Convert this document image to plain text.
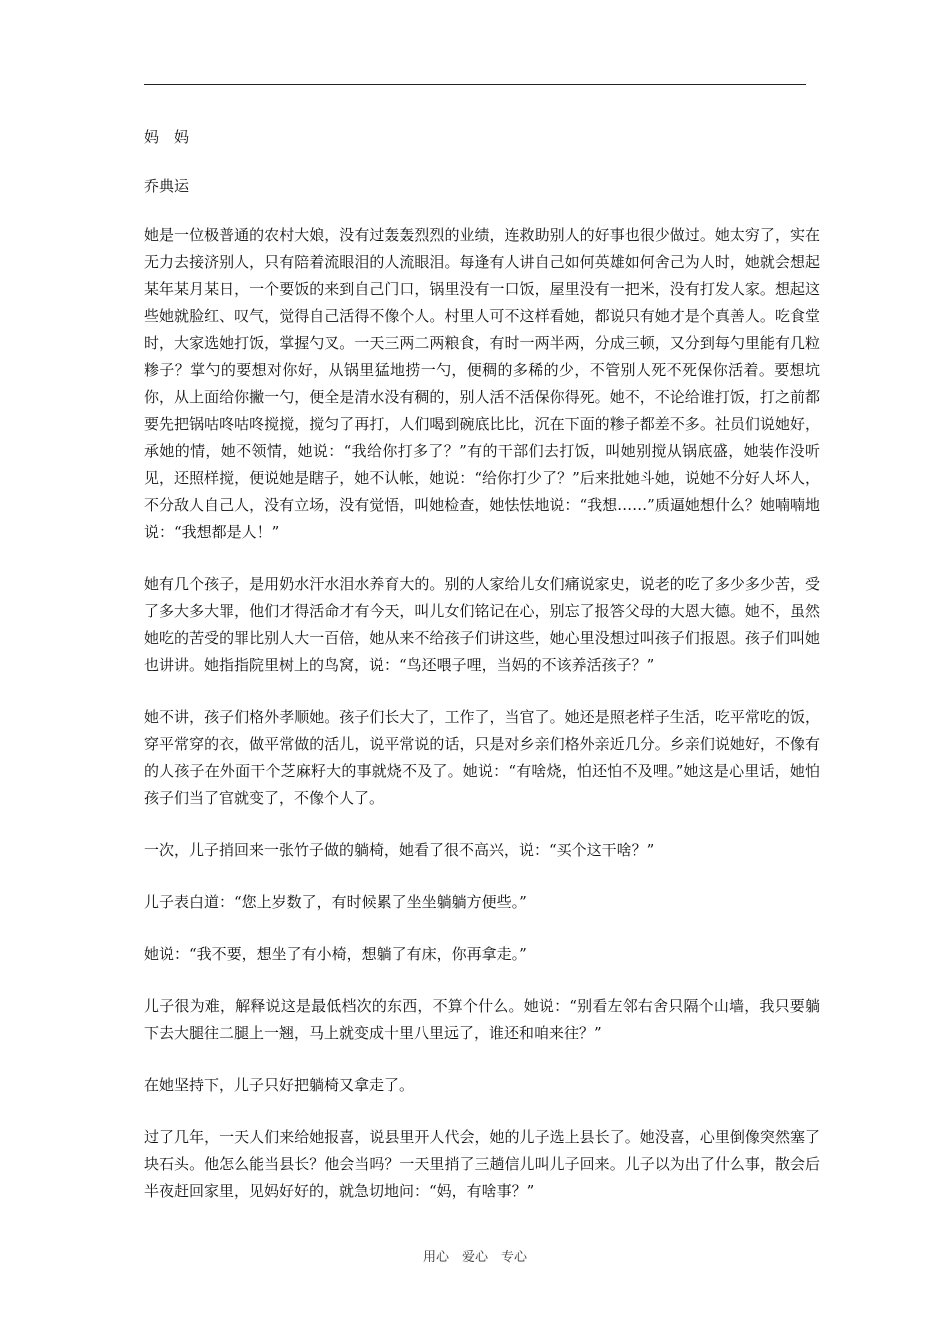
妈　妈

乔典运

她是一位极普通的农村大娘，没有过轰轰烈烈的业绩，连救助别人的好事也很少做过。她太穷了，实在无力去接济别人，只有陪着流眼泪的人流眼泪。每逢有人讲自己如何英雄如何舍己为人时，她就会想起某年某月某日，一个要饭的来到自己门口，锅里没有一口饭，屋里没有一把米，没有打发人家。想起这些她就脸红、叹气，觉得自己活得不像个人。村里人可不这样看她，都说只有她才是个真善人。吃食堂时，大家选她打饭，掌握勺叉。一天三两二两粮食，有时一两半两，分成三顿，又分到每勺里能有几粒糁子？掌勺的要想对你好，从锅里猛地捞一勺，便稠的多稀的少，不管别人死不死保你活着。要想坑你，从上面给你撇一勺，便全是清水没有稠的，别人活不活保你得死。她不，不论给谁打饭，打之前都要先把锅咕咚咕咚搅搅，搅匀了再打，人们喝到碗底比比，沉在下面的糁子都差不多。社员们说她好，承她的情，她不领情，她说：“我给你打多了？”有的干部们去打饭，叫她别搅从锅底盛，她装作没听见，还照样搅，便说她是瞎子，她不认帐，她说：“给你打少了？”后来批她斗她，说她不分好人坏人，不分敌人自己人，没有立场，没有觉悟，叫她检查，她怯怯地说：“我想……”质逼她想什么？她喃喃地说：“我想都是人！”

她有几个孩子，是用奶水汗水泪水养育大的。别的人家给儿女们痛说家史，说老的吃了多少多少苦，受了多大多大罪，他们才得活命才有今天，叫儿女们铭记在心，别忘了报答父母的大恩大德。她不，虽然她吃的苦受的罪比别人大一百倍，她从来不给孩子们讲这些，她心里没想过叫孩子们报恩。孩子们叫她也讲讲。她指指院里树上的鸟窝，说：“鸟还喂子哩，当妈的不该养活孩子？”

她不讲，孩子们格外孝顺她。孩子们长大了，工作了，当官了。她还是照老样子生活，吃平常吃的饭，穿平常穿的衣，做平常做的活儿，说平常说的话，只是对乡亲们格外亲近几分。乡亲们说她好，不像有的人孩子在外面干个芝麻籽大的事就烧不及了。她说：“有啥烧，怕还怕不及哩。”她这是心里话，她怕孩子们当了官就变了，不像个人了。

一次，儿子捎回来一张竹子做的躺椅，她看了很不高兴，说：“买个这干啥？”

儿子表白道：“您上岁数了，有时候累了坐坐躺躺方便些。”

她说：“我不要，想坐了有小椅，想躺了有床，你再拿走。”

儿子很为难，解释说这是最低档次的东西，不算个什么。她说：“别看左邻右舍只隔个山墙，我只要躺下去大腿往二腿上一翘，马上就变成十里八里远了，谁还和咱来往？”

在她坚持下，儿子只好把躺椅又拿走了。

过了几年，一天人们来给她报喜，说县里开人代会，她的儿子选上县长了。她没喜，心里倒像突然塞了块石头。他怎么能当县长？他会当吗？一天里捎了三趟信儿叫儿子回来。儿子以为出了什么事，散会后半夜赶回家里，见妈好好的，就急切地问：“妈，有啥事？”

用心　爱心　专心
